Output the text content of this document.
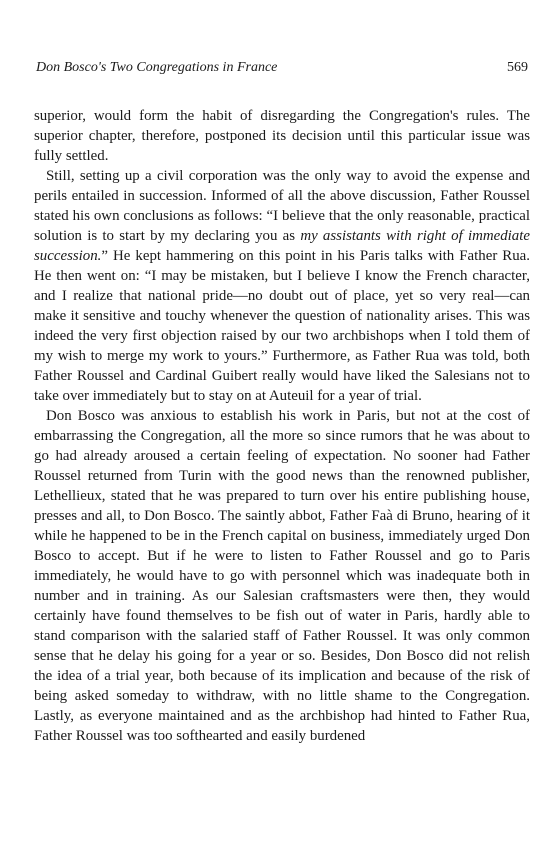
Don Bosco's Two Congregations in France	569

superior, would form the habit of disregarding the Congregation's rules. The superior chapter, therefore, postponed its decision until this particular issue was fully settled.

Still, setting up a civil corporation was the only way to avoid the expense and perils entailed in succession. Informed of all the above discussion, Father Roussel stated his own conclusions as follows: “I believe that the only reasonable, practical solution is to start by my declaring you as my assistants with right of immediate succession.” He kept hammering on this point in his Paris talks with Father Rua. He then went on: “I may be mistaken, but I believe I know the French character, and I realize that national pride—no doubt out of place, yet so very real—can make it sensitive and touchy whenever the question of nationality arises. This was indeed the very first objection raised by our two archbishops when I told them of my wish to merge my work to yours.” Furthermore, as Father Rua was told, both Father Roussel and Cardinal Guibert really would have liked the Salesians not to take over immediately but to stay on at Auteuil for a year of trial.

Don Bosco was anxious to establish his work in Paris, but not at the cost of embarrassing the Congregation, all the more so since rumors that he was about to go had already aroused a certain feeling of expectation. No sooner had Father Roussel returned from Turin with the good news than the renowned publisher, Lethellieux, stated that he was prepared to turn over his entire publishing house, presses and all, to Don Bosco. The saintly abbot, Father Faà di Bruno, hearing of it while he happened to be in the French capital on business, immediately urged Don Bosco to accept. But if he were to listen to Father Roussel and go to Paris immediately, he would have to go with personnel which was inadequate both in number and in training. As our Salesian craftsmasters were then, they would certainly have found themselves to be fish out of water in Paris, hardly able to stand comparison with the salaried staff of Father Roussel. It was only common sense that he delay his going for a year or so. Besides, Don Bosco did not relish the idea of a trial year, both because of its implication and because of the risk of being asked someday to withdraw, with no little shame to the Congregation. Lastly, as everyone maintained and as the archbishop had hinted to Father Rua, Father Roussel was too softhearted and easily burdened
